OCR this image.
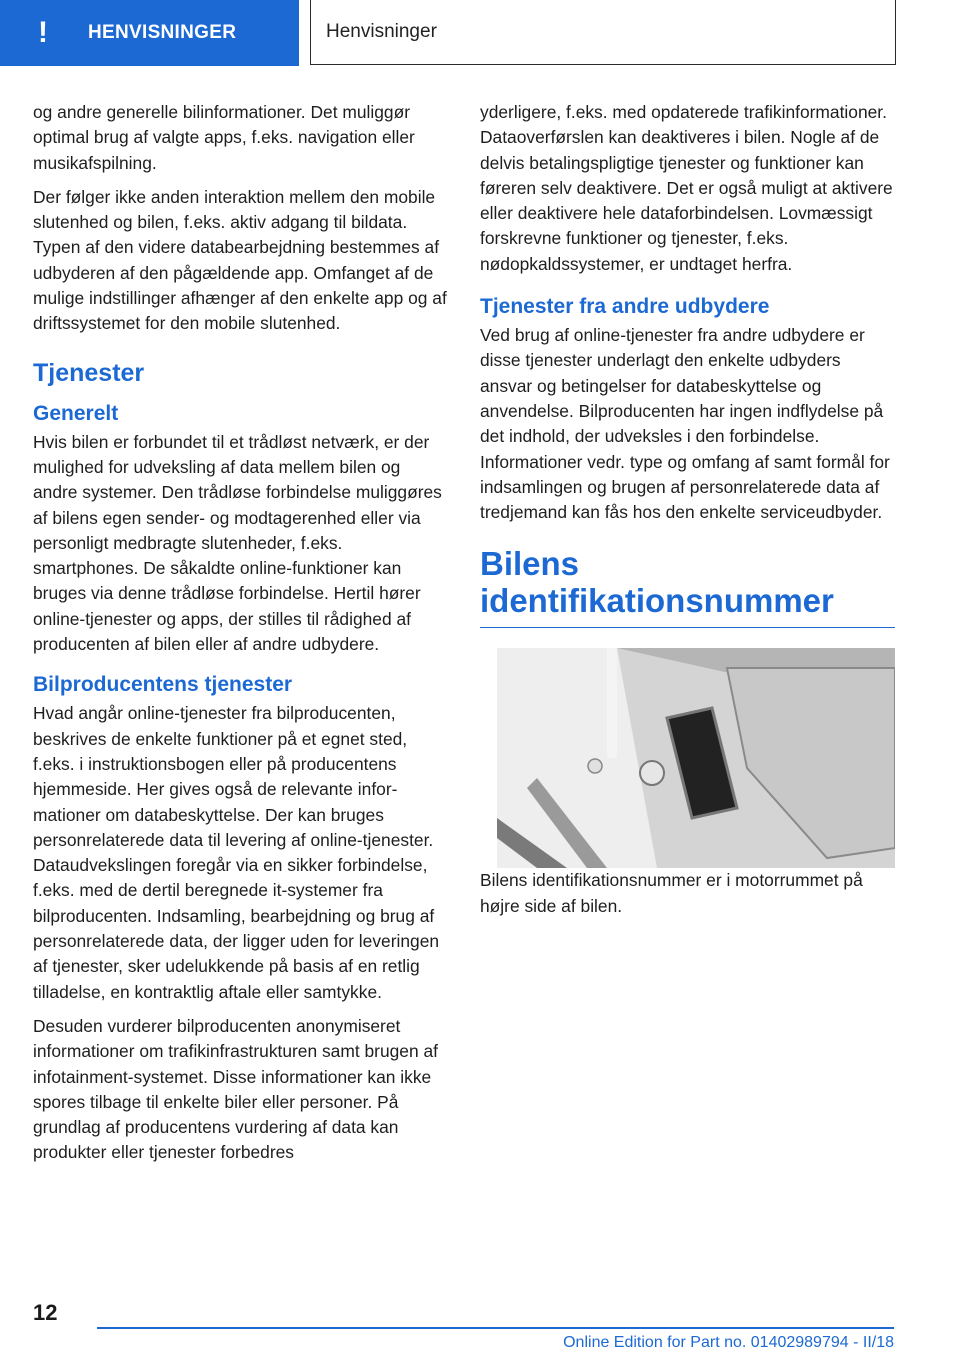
!	HENVISNINGER	Henvisninger

og andre generelle bilinformationer. Det muliggør optimal brug af valgte apps, f.eks. navigation eller musikafspilning.

Der følger ikke anden interaktion mellem den mobile slutenhed og bilen, f.eks. aktiv adgang til bildata. Typen af den videre databearbejdning bestemmes af udbyderen af den pågældende app. Omfanget af de mulige indstillinger afhænger af den enkelte app og af driftssystemet for den mobile slutenhed.

Tjenester
Generelt

Hvis bilen er forbundet til et trådløst netværk, er der mulighed for udveksling af data mellem bilen og andre systemer. Den trådløse forbindelse muliggøres af bilens egen sender- og modtagerenhed eller via personligt medbragte slutenheder, f.eks. smartphones. De såkaldte online-funktioner kan bruges via denne trådløse forbindelse. Hertil hører online-tjenester og apps, der stilles til rådighed af producenten af bilen eller af andre udbydere.

Bilproducentens tjenester

Hvad angår online-tjenester fra bilproducenten, beskrives de enkelte funktioner på et egnet sted, f.eks. i instruktionsbogen eller på producentens hjemmeside. Her gives også de relevante informationer om databeskyttelse. Der kan bruges personrelaterede data til levering af online-tjenester. Dataudvekslingen foregår via en sikker forbindelse, f.eks. med de dertil beregnede it-systemer fra bilproducenten. Indsamling, bearbejdning og brug af personrelaterede data, der ligger uden for leveringen af tjenester, sker udelukkende på basis af en retlig tilladelse, en kontraktlig aftale eller samtykke.

Desuden vurderer bilproducenten anonymiseret informationer om trafikinfrastrukturen samt brugen af infotainment-systemet. Disse informationer kan ikke spores tilbage til enkelte biler eller personer. På grundlag af producentens vurdering af data kan produkter eller tjenester forbedres

yderligere, f.eks. med opdaterede trafikinformationer. Dataoverførslen kan deaktiveres i bilen. Nogle af de delvis betalingspligtige tjenester og funktioner kan føreren selv deaktivere. Det er også muligt at aktivere eller deaktivere hele dataforbindelsen. Lovmæssigt forskrevne funktioner og tjenester, f.eks. nødopkaldssystemer, er undtaget herfra.

Tjenester fra andre udbydere

Ved brug af online-tjenester fra andre udbydere er disse tjenester underlagt den enkelte udbyders ansvar og betingelser for databeskyttelse og anvendelse. Bilproducenten har ingen indflydelse på det indhold, der udveksles i den forbindelse. Informationer vedr. type og omfang af samt formål for indsamlingen og brugen af personrelaterede data af tredjemand kan fås hos den enkelte serviceudbyder.

Bilens
identifikationsnummer

Bilens identifikationsnummer er i motorrummet på højre side af bilen.

12
Online Edition for Part no. 01402989794 - II/18
